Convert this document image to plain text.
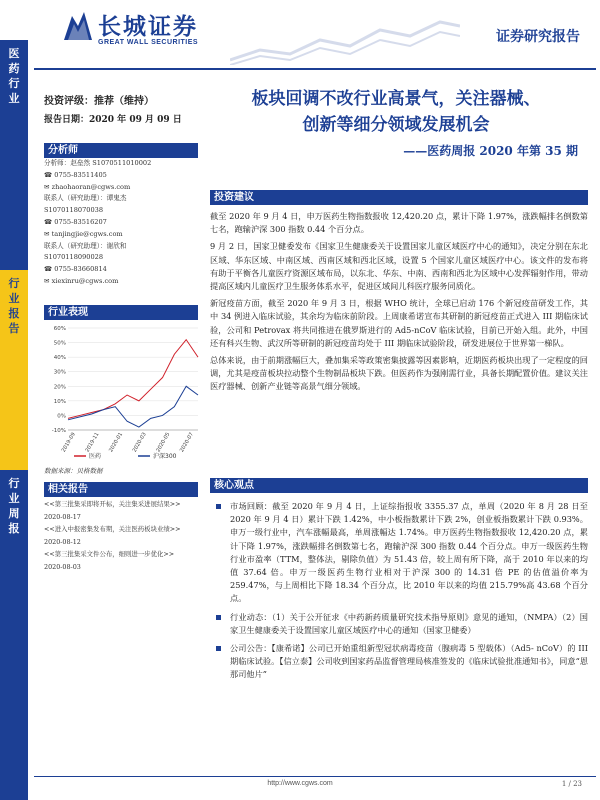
长城证券
GREAT WALL SECURITIES	证券研究报告
医药行业
行业报告
行业周报
投资评级：推荐（维持）
报告日期：2020 年 09 月 09 日
板块回调不改行业高景气，关注器械、
创新等细分领域发展机会
——医药周报 2020 年第 35 期
分析师
分析师：赵垒然 S1070511010002
☎ 0755-83511405
✉ zhaohaoran@cgws.com
联系人（研究助理）：谭鬼杰
S1070118070038
☎ 0755-83516207
✉ tanjingjie@cgws.com
联系人（研究助理）：谢欣和
S1070118090028
☎ 0755-83660814
✉ xiexinru@cgws.com
行业表现
60%
50%
40%
30%
20%
10%
0%
-10%
2019-09 2019-11 2020-01 2020-03 2020-05 2020-07
医药	沪深300
数据来源：贝格数据
相关报告
<<第三批集采即将开标，关注集采进展结果>>
2020-08-17
<<进入中报密集发布期，关注医药板块业绩>>
2020-08-12
<<第三批集采文件公布，细则进一步优化>>
2020-08-03
投资建议

截至 2020 年 9 月 4 日，申万医药生物指数报收 12,420.20 点，累计下降 1.97%，涨跌幅排名倒数第七名，跑输沪深 300 指数 0.44 个百分点。

9 月 2 日，国家卫健委发布《国家卫生健康委关于设置国家儿童区域医疗中心的通知》，决定分别在东北区域、华东区域、中南区域、西南区域和西北区域，设置 5 个国家儿童区域医疗中心。该文件的发布将有助于平衡各儿童医疗资源区域布局，以东北、华东、中南、西南和西北为区域中心发挥辐射作用，带动提高区域内儿童医疗卫生服务体系水平，促进区域间儿科医疗服务同质化。

新冠疫苗方面，截至 2020 年 9 月 3 日，根据 WHO 统计，全球已启动 176 个新冠疫苗研发工作，其中 34 例进入临床试验，其余均为临床前阶段。上周康希诺宣布其研制的新冠疫苗正式进入 III 期临床试验，公司和 Petrovax 将共同推进在俄罗斯进行的 Ad5-nCoV 临床试验，目前已开始入组。此外，中国还有科兴生物、武汉所等研制的新冠疫苗均处于 III 期临床试验阶段，研发进展位于世界第一梯队。

总体来说，由于前期涨幅巨大，叠加集采等政策密集披露等因素影响，近期医药板块出现了一定程度的回调，尤其是疫苗板块拉动整个生物制品板块下跌。但医药作为强刚需行业，具备长期配置价值。建议关注医疗器械、创新产业链等高景气细分领域。

核心观点
市场回顾：截至 2020 年 9 月 4 日，上证综指报收 3355.37 点，单周（2020 年 8 月 28 日至 2020 年 9 月 4 日）累计下跌 1.42%，中小板指数累计下跌 2%，创业板指数累计下跌 0.93%。申万一级行业中，汽车涨幅最高，单周涨幅达 1.74%。申万医药生物指数报收 12,420.20 点，累计下降 1.97%，涨跌幅排名倒数第七名，跑输沪深 300 指数 0.44 个百分点。申万一级医药生物行业市盈率（TTM，整体法，剔除负值）为 51.43 倍，较上周有所下降，高于 2010 年以来的均值 37.64 倍。申万一级医药生物行业相对于沪深 300 的 14.31 倍 PE 的估值溢价率为 259.47%，与上周相比下降 18.34 个百分点，比 2010 年以来的均值 215.79%高 43.68 个百分点。
行业动态：（1）关于公开征求《中药新药质量研究技术指导原则》意见的通知，（NMPA）（2）国家卫生健康委关于设置国家儿童区域医疗中心的通知（国家卫健委）
公司公告：【康希诺】公司已开始重组新型冠状病毒疫苗（腺病毒 5 型载体）（Ad5- nCoV）的 III 期临床试验。【信立泰】公司收到国家药品监督管理局核准签发的《临床试验批准通知书》，同意“恩那司他片”
http://www.cgws.com	1 / 23
